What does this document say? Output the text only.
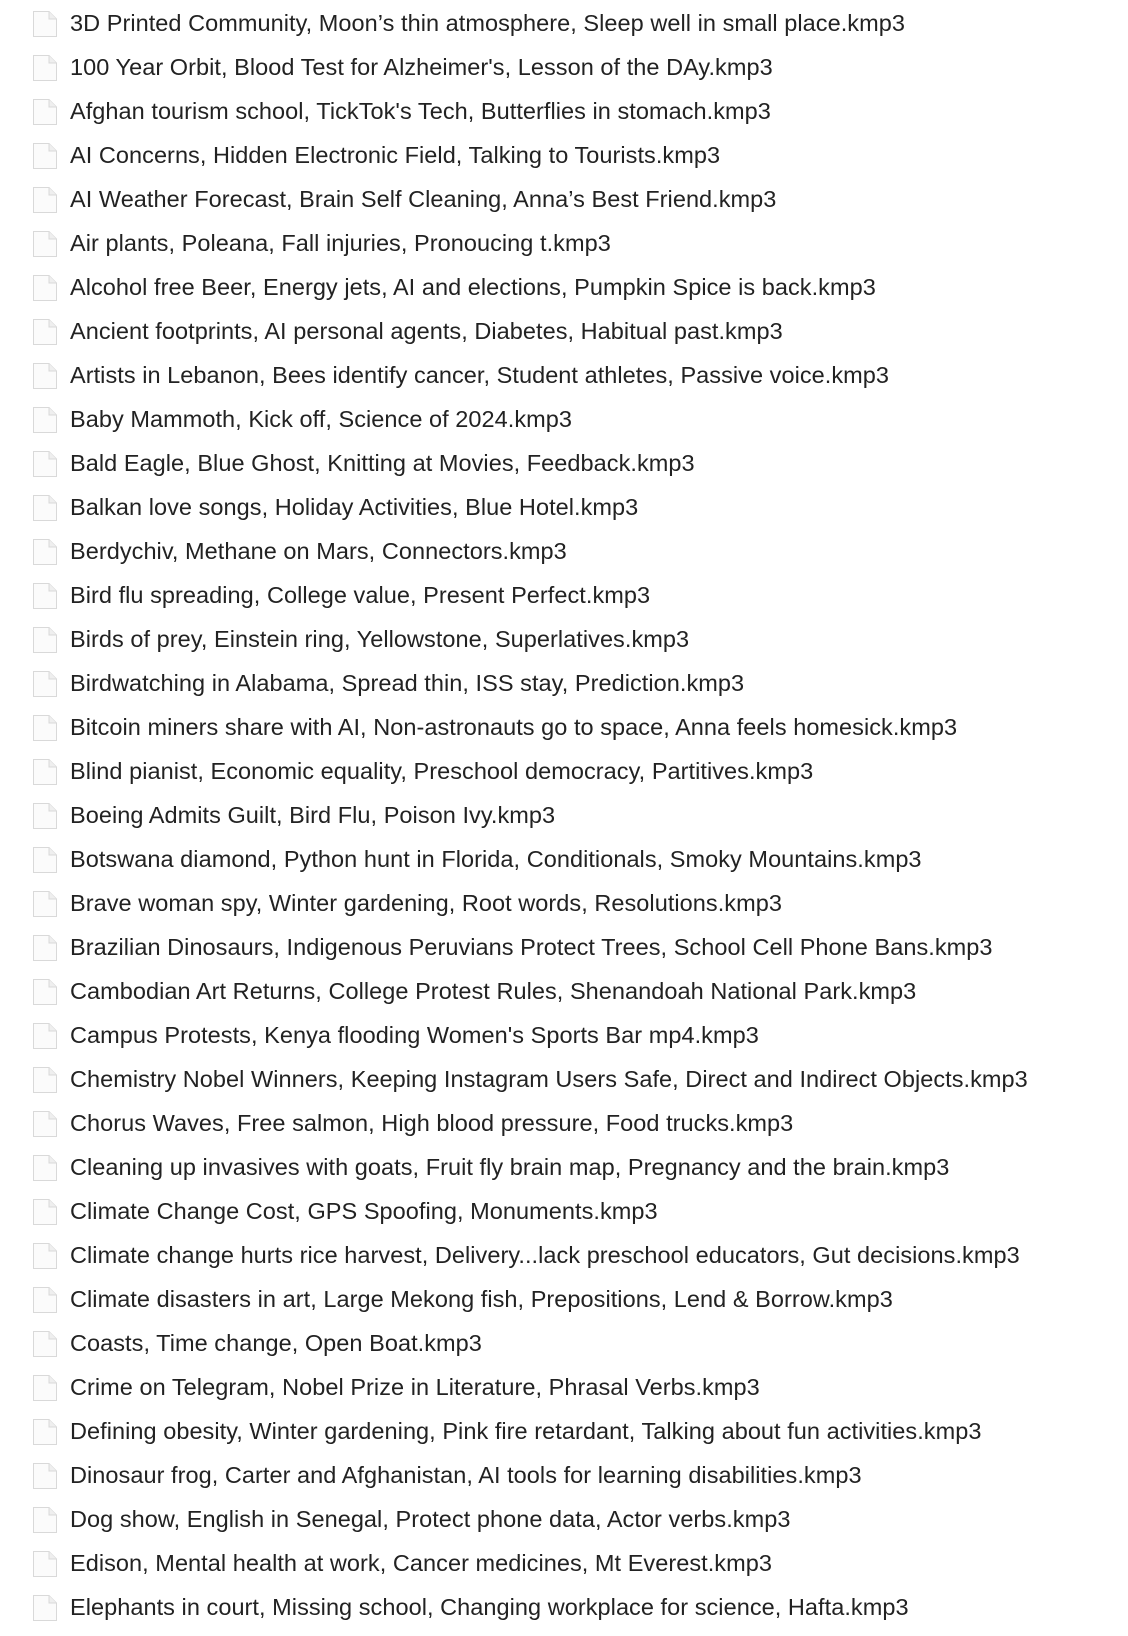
3D Printed Community, Moon’s thin atmosphere, Sleep well in small place.kmp3
100 Year Orbit, Blood Test for Alzheimer's, Lesson of the DAy.kmp3
Afghan tourism school, TickTok's Tech, Butterflies in stomach.kmp3
AI Concerns, Hidden Electronic Field, Talking to Tourists.kmp3
AI Weather Forecast, Brain Self Cleaning, Anna’s Best Friend.kmp3
Air plants, Poleana, Fall injuries, Pronoucing t.kmp3
Alcohol free Beer, Energy jets, AI and elections, Pumpkin Spice is back.kmp3
Ancient footprints, AI personal agents, Diabetes, Habitual past.kmp3
Artists in Lebanon, Bees identify cancer, Student athletes, Passive voice.kmp3
Baby Mammoth, Kick off, Science of 2024.kmp3
Bald Eagle, Blue Ghost, Knitting at Movies, Feedback.kmp3
Balkan love songs, Holiday Activities, Blue Hotel.kmp3
Berdychiv, Methane on Mars, Connectors.kmp3
Bird flu spreading, College value, Present Perfect.kmp3
Birds of prey, Einstein ring, Yellowstone, Superlatives.kmp3
Birdwatching in Alabama, Spread thin, ISS stay, Prediction.kmp3
Bitcoin miners share with AI, Non-astronauts go to space, Anna feels homesick.kmp3
Blind pianist, Economic equality, Preschool democracy, Partitives.kmp3
Boeing Admits Guilt, Bird Flu, Poison Ivy.kmp3
Botswana diamond, Python hunt in Florida, Conditionals, Smoky Mountains.kmp3
Brave woman spy, Winter gardening, Root words, Resolutions.kmp3
Brazilian Dinosaurs, Indigenous Peruvians Protect Trees, School Cell Phone Bans.kmp3
Cambodian Art Returns, College Protest Rules, Shenandoah National Park.kmp3
Campus Protests, Kenya flooding Women's Sports Bar mp4.kmp3
Chemistry Nobel Winners, Keeping Instagram Users Safe, Direct and Indirect Objects.kmp3
Chorus Waves, Free salmon, High blood pressure, Food trucks.kmp3
Cleaning up invasives with goats, Fruit fly brain map, Pregnancy and the brain.kmp3
Climate Change Cost, GPS Spoofing, Monuments.kmp3
Climate change hurts rice harvest, Delivery...lack preschool educators, Gut decisions.kmp3
Climate disasters in art, Large Mekong fish, Prepositions, Lend & Borrow.kmp3
Coasts, Time change, Open Boat.kmp3
Crime on Telegram, Nobel Prize in Literature, Phrasal Verbs.kmp3
Defining obesity, Winter gardening, Pink fire retardant, Talking about fun activities.kmp3
Dinosaur frog, Carter and Afghanistan, AI tools for learning disabilities.kmp3
Dog show, English in Senegal, Protect phone data, Actor verbs.kmp3
Edison, Mental health at work, Cancer medicines, Mt Everest.kmp3
Elephants in court, Missing school, Changing workplace for science, Hafta.kmp3
